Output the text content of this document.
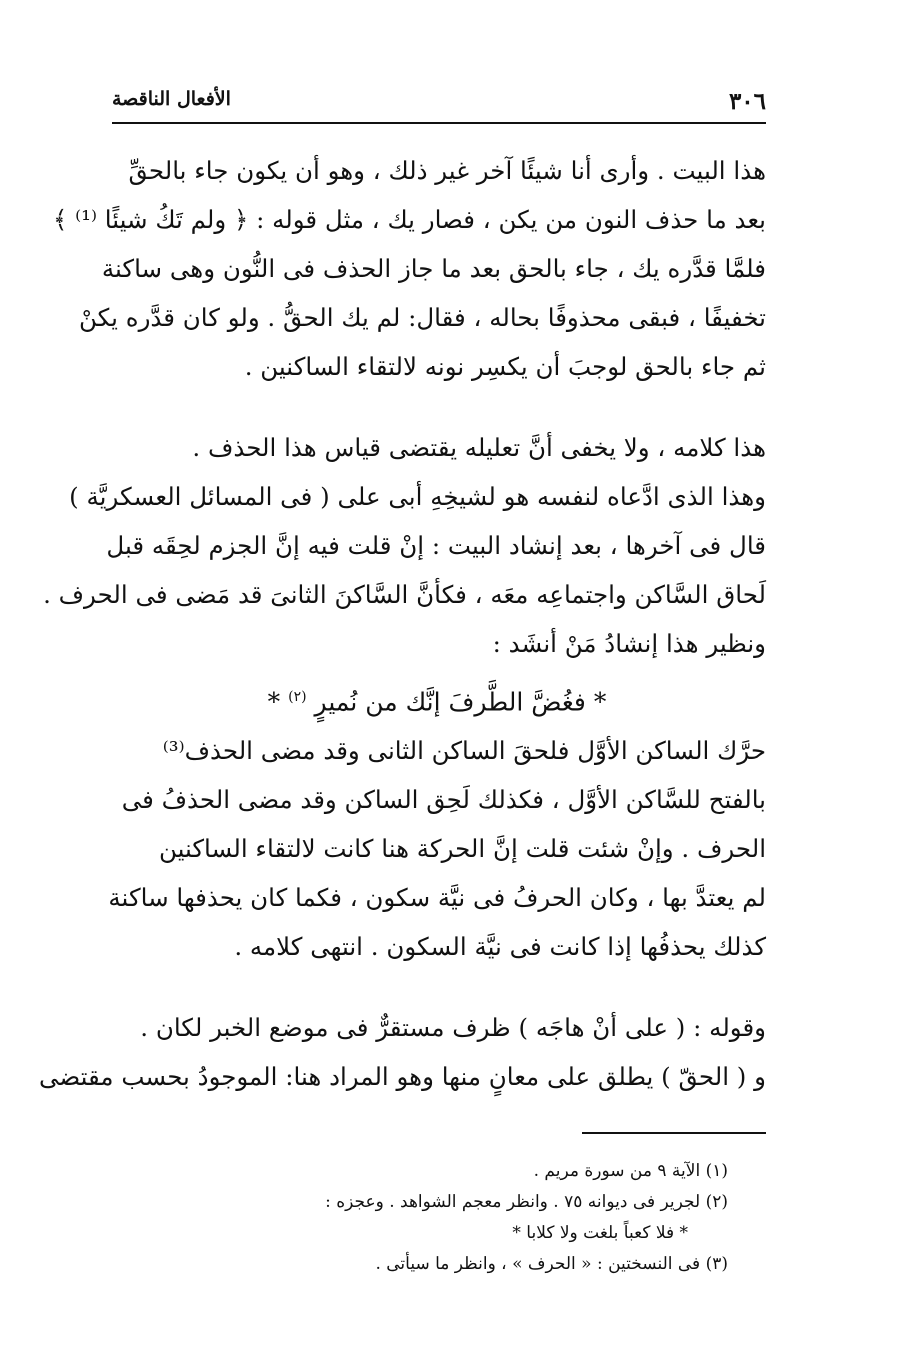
٣٠٦
الأفعال الناقصة
هذا البيت . وأرى أنا شيئًا آخر غير ذلك ، وهو أن يكون جاء بالحقِّ
بعد ما حذف النون من يكن ، فصار يك ، مثل قوله : ﴿ ولم تَكُ شيئًا ⁽¹⁾ ﴾
فلمَّا قدَّره يك ، جاء بالحق بعد ما جاز الحذف فى النُّون وهى ساكنة
تخفيفًا ، فبقى محذوفًا بحاله ، فقال: لم يك الحقُّ . ولو كان قدَّره يكنْ
ثم جاء بالحق لوجبَ أن يكسِر نونه لالتقاء الساكنين .
هذا كلامه ، ولا يخفى أنَّ تعليله يقتضى قياس هذا الحذف .
وهذا الذى ادَّعاه لنفسه هو لشيخِهِ أبى على ( فى المسائل العسكريَّة )
قال فى آخرها ، بعد إنشاد البيت : إنْ قلت فيه إنَّ الجزم لحِقَه قبل
لَحاق السَّاكن واجتماعِه معَه ، فكأنَّ السَّاكنَ الثانىَ قد مَضى فى الحرف .
ونظير هذا إنشادُ مَنْ أنشَد :
* فغُضَّ الطَّرفَ إنَّك من نُميرٍ $^{(٢)}$ *
حرَّك الساكن الأوَّل فلحقَ الساكن الثانى وقد مضى الحذف⁽³⁾
بالفتح للسَّاكن الأوَّل ، فكذلك لَحِق الساكن وقد مضى الحذفُ فى
الحرف . وإنْ شئت قلت إنَّ الحركة هنا كانت لالتقاء الساكنين
لم يعتدَّ بها ، وكان الحرفُ فى نيَّة سكون ، فكما كان يحذفها ساكنة
كذلك يحذفُها إذا كانت فى نيَّة السكون . انتهى كلامه .
وقوله : ( على أنْ هاجَه ) ظرف مستقرٌّ فى موضع الخبر لكان .
و ( الحقّ ) يطلق على معانٍ منها وهو المراد هنا: الموجودُ بحسب مقتضى
(١) الآية ٩ من سورة مريم .
(٢) لجرير فى ديوانه ٧٥ . وانظر معجم الشواهد . وعجزه :
* فلا كعباً بلغت ولا كلابا *
(٣) فى النسختين : « الحرف » ، وانظر ما سيأتى .
